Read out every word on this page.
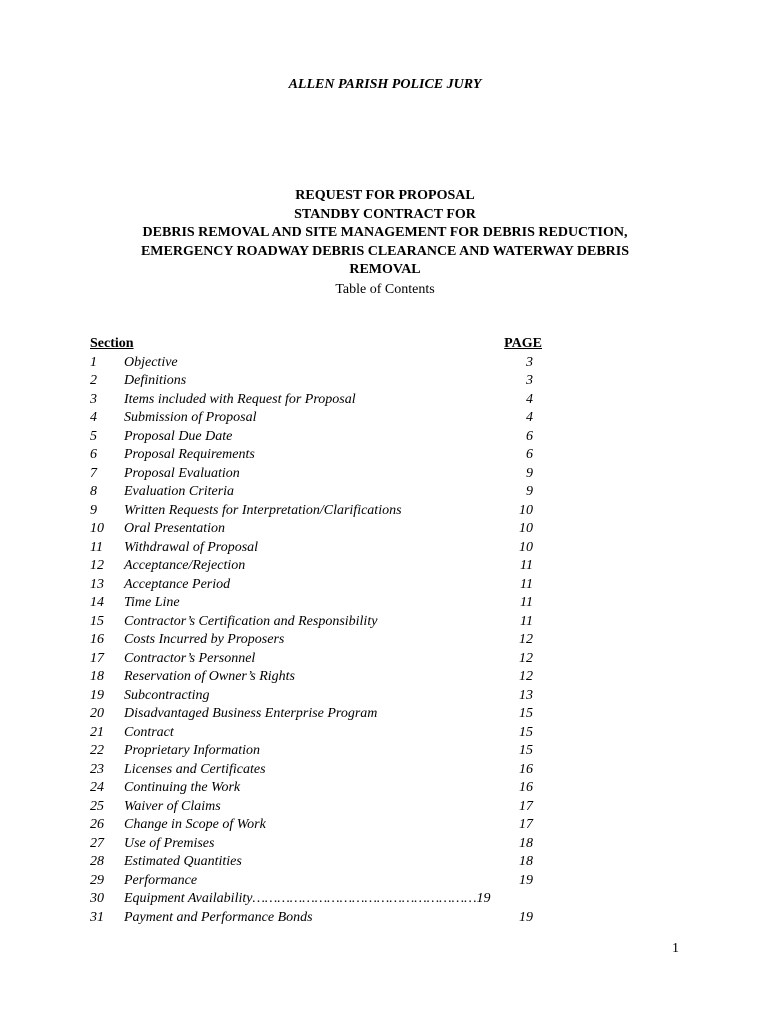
ALLEN PARISH POLICE JURY
REQUEST FOR PROPOSAL
STANDBY CONTRACT FOR
DEBRIS REMOVAL AND SITE MANAGEMENT FOR DEBRIS REDUCTION,
EMERGENCY ROADWAY DEBRIS CLEARANCE AND WATERWAY DEBRIS
REMOVAL
Table of Contents
Section	PAGE
1	Objective	3
2	Definitions	3
3	Items included with Request for Proposal	4
4	Submission of Proposal	4
5	Proposal Due Date	6
6	Proposal Requirements	6
7	Proposal Evaluation	9
8	Evaluation Criteria	9
9	Written Requests for Interpretation/Clarifications	10
10	Oral Presentation	10
11	Withdrawal of Proposal	10
12	Acceptance/Rejection	11
13	Acceptance Period	11
14	Time Line	11
15	Contractor’s Certification and Responsibility	11
16	Costs Incurred by Proposers	12
17	Contractor’s Personnel	12
18	Reservation of Owner’s Rights	12
19	Subcontracting	13
20	Disadvantaged Business Enterprise Program	15
21	Contract	15
22	Proprietary Information	15
23	Licenses and Certificates	16
24	Continuing the Work	16
25	Waiver of Claims	17
26	Change in Scope of Work	17
27	Use of Premises	18
28	Estimated Quantities	18
29	Performance	19
30	Equipment Availability………………………………………………19
31	Payment and Performance Bonds	19
1
